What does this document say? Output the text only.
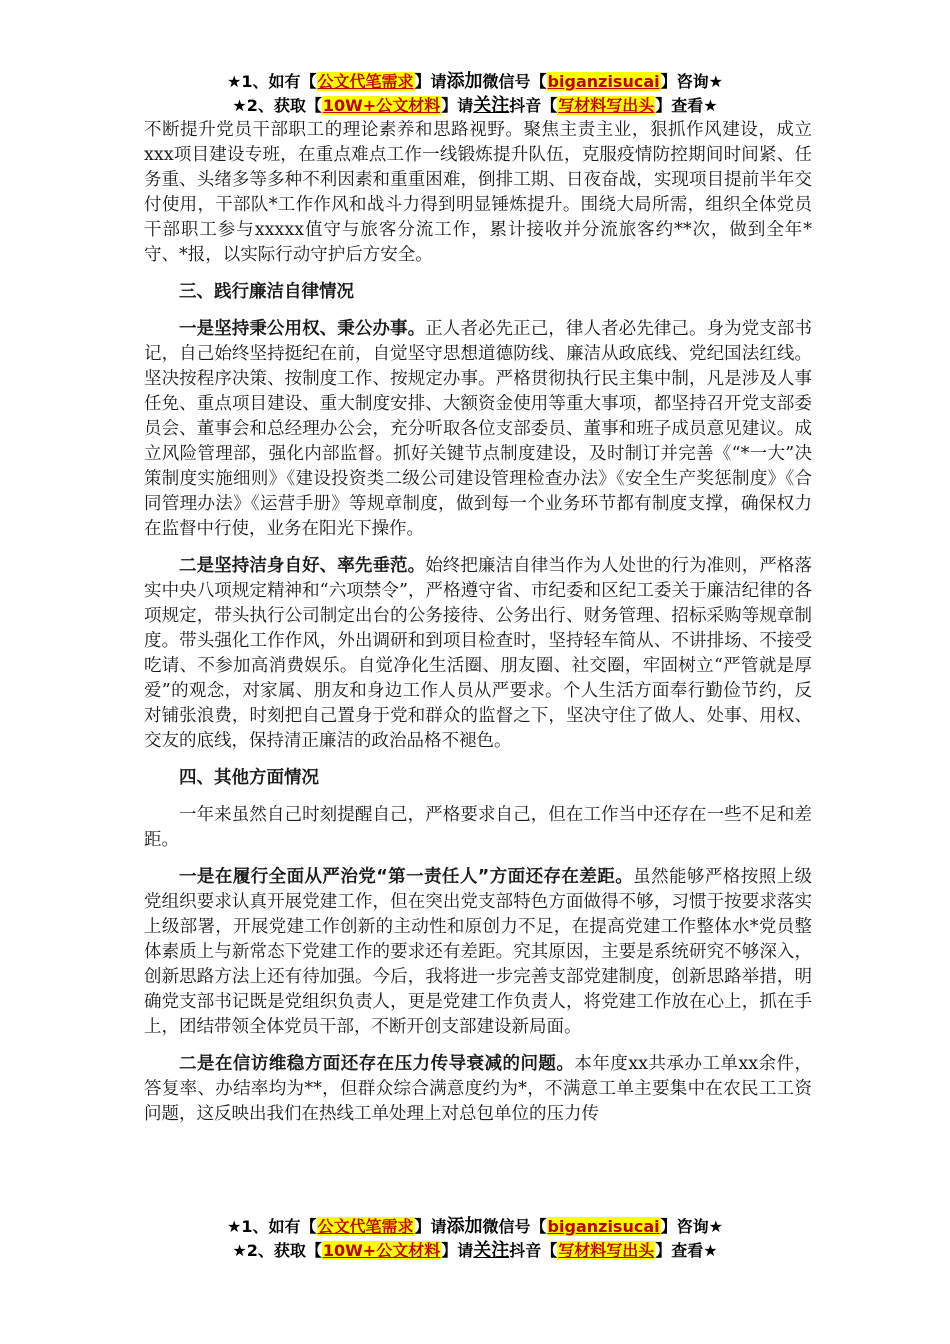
★1、如有【公文代笔需求】请添加微信号【biganzisucai】咨询★
★2、获取【10W+公文材料】请关注抖音【写材料写出头】查看★

不断提升党员干部职工的理论素养和思路视野。聚焦主责主业，狠抓作风建设，成立xxx项目建设专班，在重点难点工作一线锻炼提升队伍，克服疫情防控期间时间紧、任务重、头绪多等多种不利因素和重重困难，倒排工期、日夜奋战，实现项目提前半年交付使用，干部队*工作作风和战斗力得到明显锤炼提升。围绕大局所需，组织全体党员干部职工参与xxxxx值守与旅客分流工作，累计接收并分流旅客约**次，做到全年*守、*报，以实际行动守护后方安全。

三、践行廉洁自律情况

一是坚持秉公用权、秉公办事。正人者必先正己，律人者必先律己。身为党支部书记，自己始终坚持挺纪在前，自觉坚守思想道德防线、廉洁从政底线、党纪国法红线。坚决按程序决策、按制度工作、按规定办事。严格贯彻执行民主集中制，凡是涉及人事任免、重点项目建设、重大制度安排、大额资金使用等重大事项，都坚持召开党支部委员会、董事会和总经理办公会，充分听取各位支部委员、董事和班子成员意见建议。成立风险管理部，强化内部监督。抓好关键节点制度建设，及时制订并完善《“*一大”决策制度实施细则》《建设投资类二级公司建设管理检查办法》《安全生产奖惩制度》《合同管理办法》《运营手册》等规章制度，做到每一个业务环节都有制度支撑，确保权力在监督中行使，业务在阳光下操作。

二是坚持洁身自好、率先垂范。始终把廉洁自律当作为人处世的行为准则，严格落实中央八项规定精神和“六项禁令”，严格遵守省、市纪委和区纪工委关于廉洁纪律的各项规定，带头执行公司制定出台的公务接待、公务出行、财务管理、招标采购等规章制度。带头强化工作作风，外出调研和到项目检查时，坚持轻车简从、不讲排场、不接受吃请、不参加高消费娱乐。自觉净化生活圈、朋友圈、社交圈，牢固树立“严管就是厚爱”的观念，对家属、朋友和身边工作人员从严要求。个人生活方面奉行勤俭节约，反对铺张浪费，时刻把自己置身于党和群众的监督之下，坚决守住了做人、处事、用权、交友的底线，保持清正廉洁的政治品格不褪色。

四、其他方面情况

一年来虽然自己时刻提醒自己，严格要求自己，但在工作当中还存在一些不足和差距。

一是在履行全面从严治党“第一责任人”方面还存在差距。虽然能够严格按照上级党组织要求认真开展党建工作，但在突出党支部特色方面做得不够，习惯于按要求落实上级部署，开展党建工作创新的主动性和原创力不足，在提高党建工作整体水*党员整体素质上与新常态下党建工作的要求还有差距。究其原因，主要是系统研究不够深入，创新思路方法上还有待加强。今后，我将进一步完善支部党建制度，创新思路举措，明确党支部书记既是党组织负责人，更是党建工作负责人，将党建工作放在心上，抓在手上，团结带领全体党员干部，不断开创支部建设新局面。

二是在信访维稳方面还存在压力传导衰减的问题。本年度xx共承办工单xx余件，答复率、办结率均为**，但群众综合满意度约为*，不满意工单主要集中在农民工工资问题，这反映出我们在热线工单处理上对总包单位的压力传

★1、如有【公文代笔需求】请添加微信号【biganzisucai】咨询★
★2、获取【10W+公文材料】请关注抖音【写材料写出头】查看★
